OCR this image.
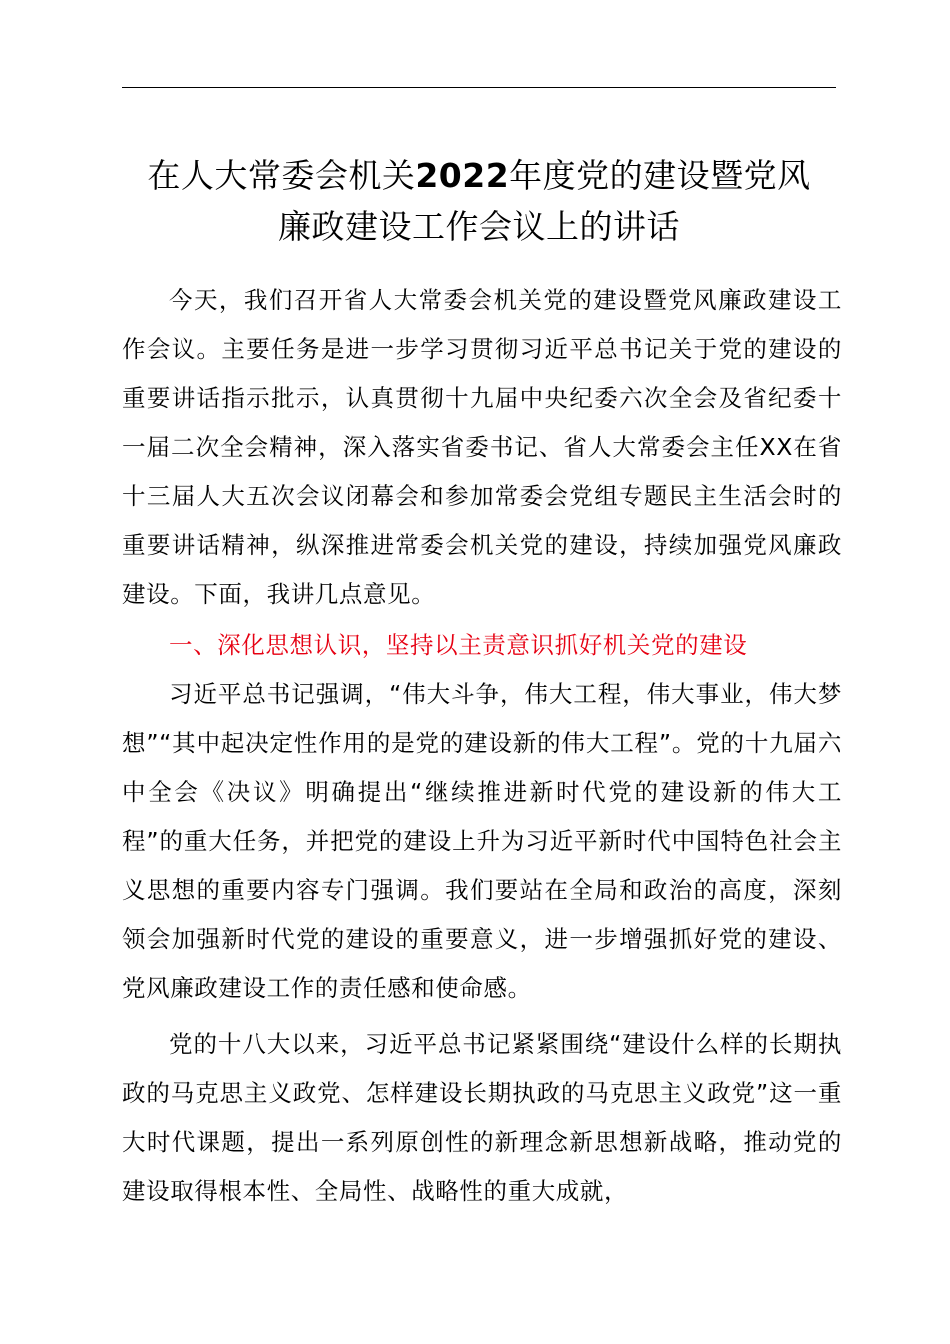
在人大常委会机关2022年度党的建设暨党风
廉政建设工作会议上的讲话

今天，我们召开省人大常委会机关党的建设暨党风廉政建设工作会议。主要任务是进一步学习贯彻习近平总书记关于党的建设的重要讲话指示批示，认真贯彻十九届中央纪委六次全会及省纪委十一届二次全会精神，深入落实省委书记、省人大常委会主任XX在省十三届人大五次会议闭幕会和参加常委会党组专题民主生活会时的重要讲话精神，纵深推进常委会机关党的建设，持续加强党风廉政建设。下面，我讲几点意见。

一、深化思想认识，坚持以主责意识抓好机关党的建设

习近平总书记强调，“伟大斗争，伟大工程，伟大事业，伟大梦想”“其中起决定性作用的是党的建设新的伟大工程”。党的十九届六中全会《决议》明确提出“继续推进新时代党的建设新的伟大工程”的重大任务，并把党的建设上升为习近平新时代中国特色社会主义思想的重要内容专门强调。我们要站在全局和政治的高度，深刻领会加强新时代党的建设的重要意义，进一步增强抓好党的建设、党风廉政建设工作的责任感和使命感。

党的十八大以来，习近平总书记紧紧围绕“建设什么样的长期执政的马克思主义政党、怎样建设长期执政的马克思主义政党”这一重大时代课题，提出一系列原创性的新理念新思想新战略，推动党的建设取得根本性、全局性、战略性的重大成就，
